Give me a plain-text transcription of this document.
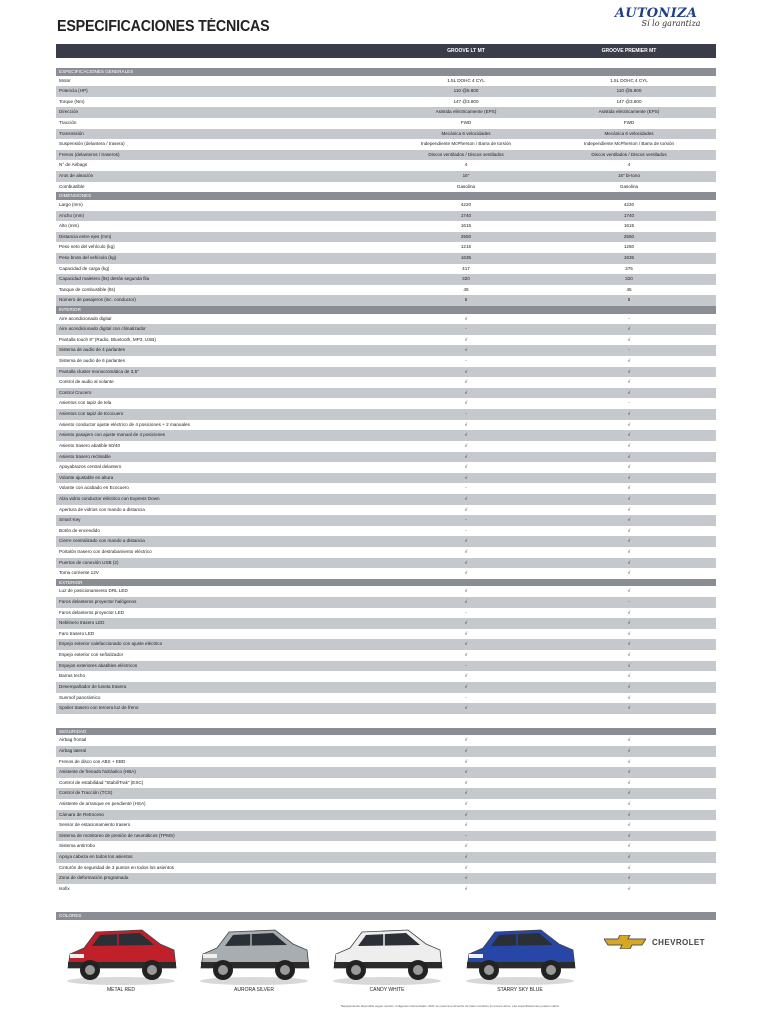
ESPECIFICACIONES TÉCNICAS
AUTONIZA
Sí lo garantiza
GROOVE LT MT	GROOVE PREMIER MT
ESPECIFICACIONES GENERALES
Motor	1.5L DOHC 4 CYL	1.5L DOHC 4 CYL
Potencia (HP)	110 @5.800	110 @5.800
Torque (Nm)	147 @3.800	147 @3.800
Dirección	Asistida eléctricamente (EPS)	Asistida eléctricamente (EPS)
Tracción	FWD	FWD
Transmisión	Mecánica 6 velocidades	Mecánica 6 velocidades
Suspensión (delantera / trasera)	Independiente McPherson / Barra de torsión	Independiente McPherson / Barra de torsión
Frenos (delanteros / traseros)	Discos ventilados / Discos ventilados	Discos ventilados / Discos ventilados
N° de Airbags	4	4
Aros de aleación	16"	16" bi-tono
Combustible	Gasolina	Gasolina
DIMENSIONES
Largo (mm)	4220	4220
Ancho (mm)	1740	1740
Alto (mm)	1615	1615
Distancia entre ejes (mm)	2550	2550
Peso neto del vehículo (kg)	1216	1260
Peso bruto del vehículo (kg)	1635	1635
Capacidad de carga (kg)	417	375
Capacidad maletero (lts) detrás segunda fila	320	320
Tanque de combustible (lts)	45	45
Número de pasajeros (inc. conductor)	5	5
INTERIOR
Aire acondicionado digital	√	-
Aire acondicionado digital con climatizador	-	√
Pantalla touch 8" (Radio, Bluetooth, MP3, USB)	√	√
Sistema de audio de 4 parlantes	√	-
Sistema de audio de 6 parlantes	-	√
Pantalla cluster monocromática de 3,5"	√	√
Control de audio al volante	√	√
Control Crucero	√	√
Asientos con tapiz de tela	√	-
Asientos con tapiz de Ecocuero	-	√
Asiento conductor ajuste eléctrico de 4 posiciones + 2 manuales	√	√
Asiento pasajero con ajuste manual de 4 posiciones	√	√
Asiento trasero abatible 60/40	√	√
Asiento trasero reclinable	√	√
Apoyabrazos central delantero	√	√
Volante ajustable en altura	√	√
Volante con acabado en Ecocuero	-	√
Alza vidrio conductor eléctrico con Express Down	√	√
Apertura de vidrios con mando a distancia	√	√
Smart Key	-	√
Botón de encendido	-	√
Cierre centralizado con mando a distancia	√	√
Portalón trasero con destrabamiento eléctrico	√	√
Puertos de conexión USB (2)	√	√
Toma corriente 12V	√	√
EXTERIOR
Luz de posicionamiento DRL LED	√	√
Faros delanteros proyector halógenos	√	-
Faros delanteros proyector LED	-	√
Neblinero trasero LED	√	√
Faro trasero LED	√	√
Espejo exterior calefaccionado con ajuste eléctrico	√	√
Espejo exterior con señalizador	√	√
Espejos exteriores abatibles eléctricos	-	√
Barras techo	√	√
Desempañador de luneta trasera	√	√
Sunroof panorámico	-	√
Spoiler trasero con tercera luz de freno	√	√
SEGURIDAD
Airbag frontal	√	√
Airbag lateral	√	√
Frenos de disco con ABS + EBD	√	√
Asistente de frenado hidráulico (HBA)	√	√
Control de estabilidad "StabiliTrak" (ESC)	√	√
Control de Tracción (TCS)	√	√
Asistente de arranque en pendiente (HSA)	√	√
Cámara de Retroceso	√	√
Sensor de estacionamiento trasero	√	√
Sistema de monitoreo de presión de neumáticos (TPMS)	-	√
Sistema antirrobo	√	√
Apoya cabeza en todos los asientos	√	√
Cinturón de seguridad de 3 puntos en todos los asientos	√	√
Zona de deformación programada	√	√
Isofix	√	√
COLORES
METAL RED	AURORA SILVER	CANDY WHITE	STARRY SKY BLUE
CHEVROLET
*Equipamiento disponible según versión. Imágenes referenciales. AMV se reserva el derecho de hacer cambios sin previo aviso. Las especificaciones pueden variar.
